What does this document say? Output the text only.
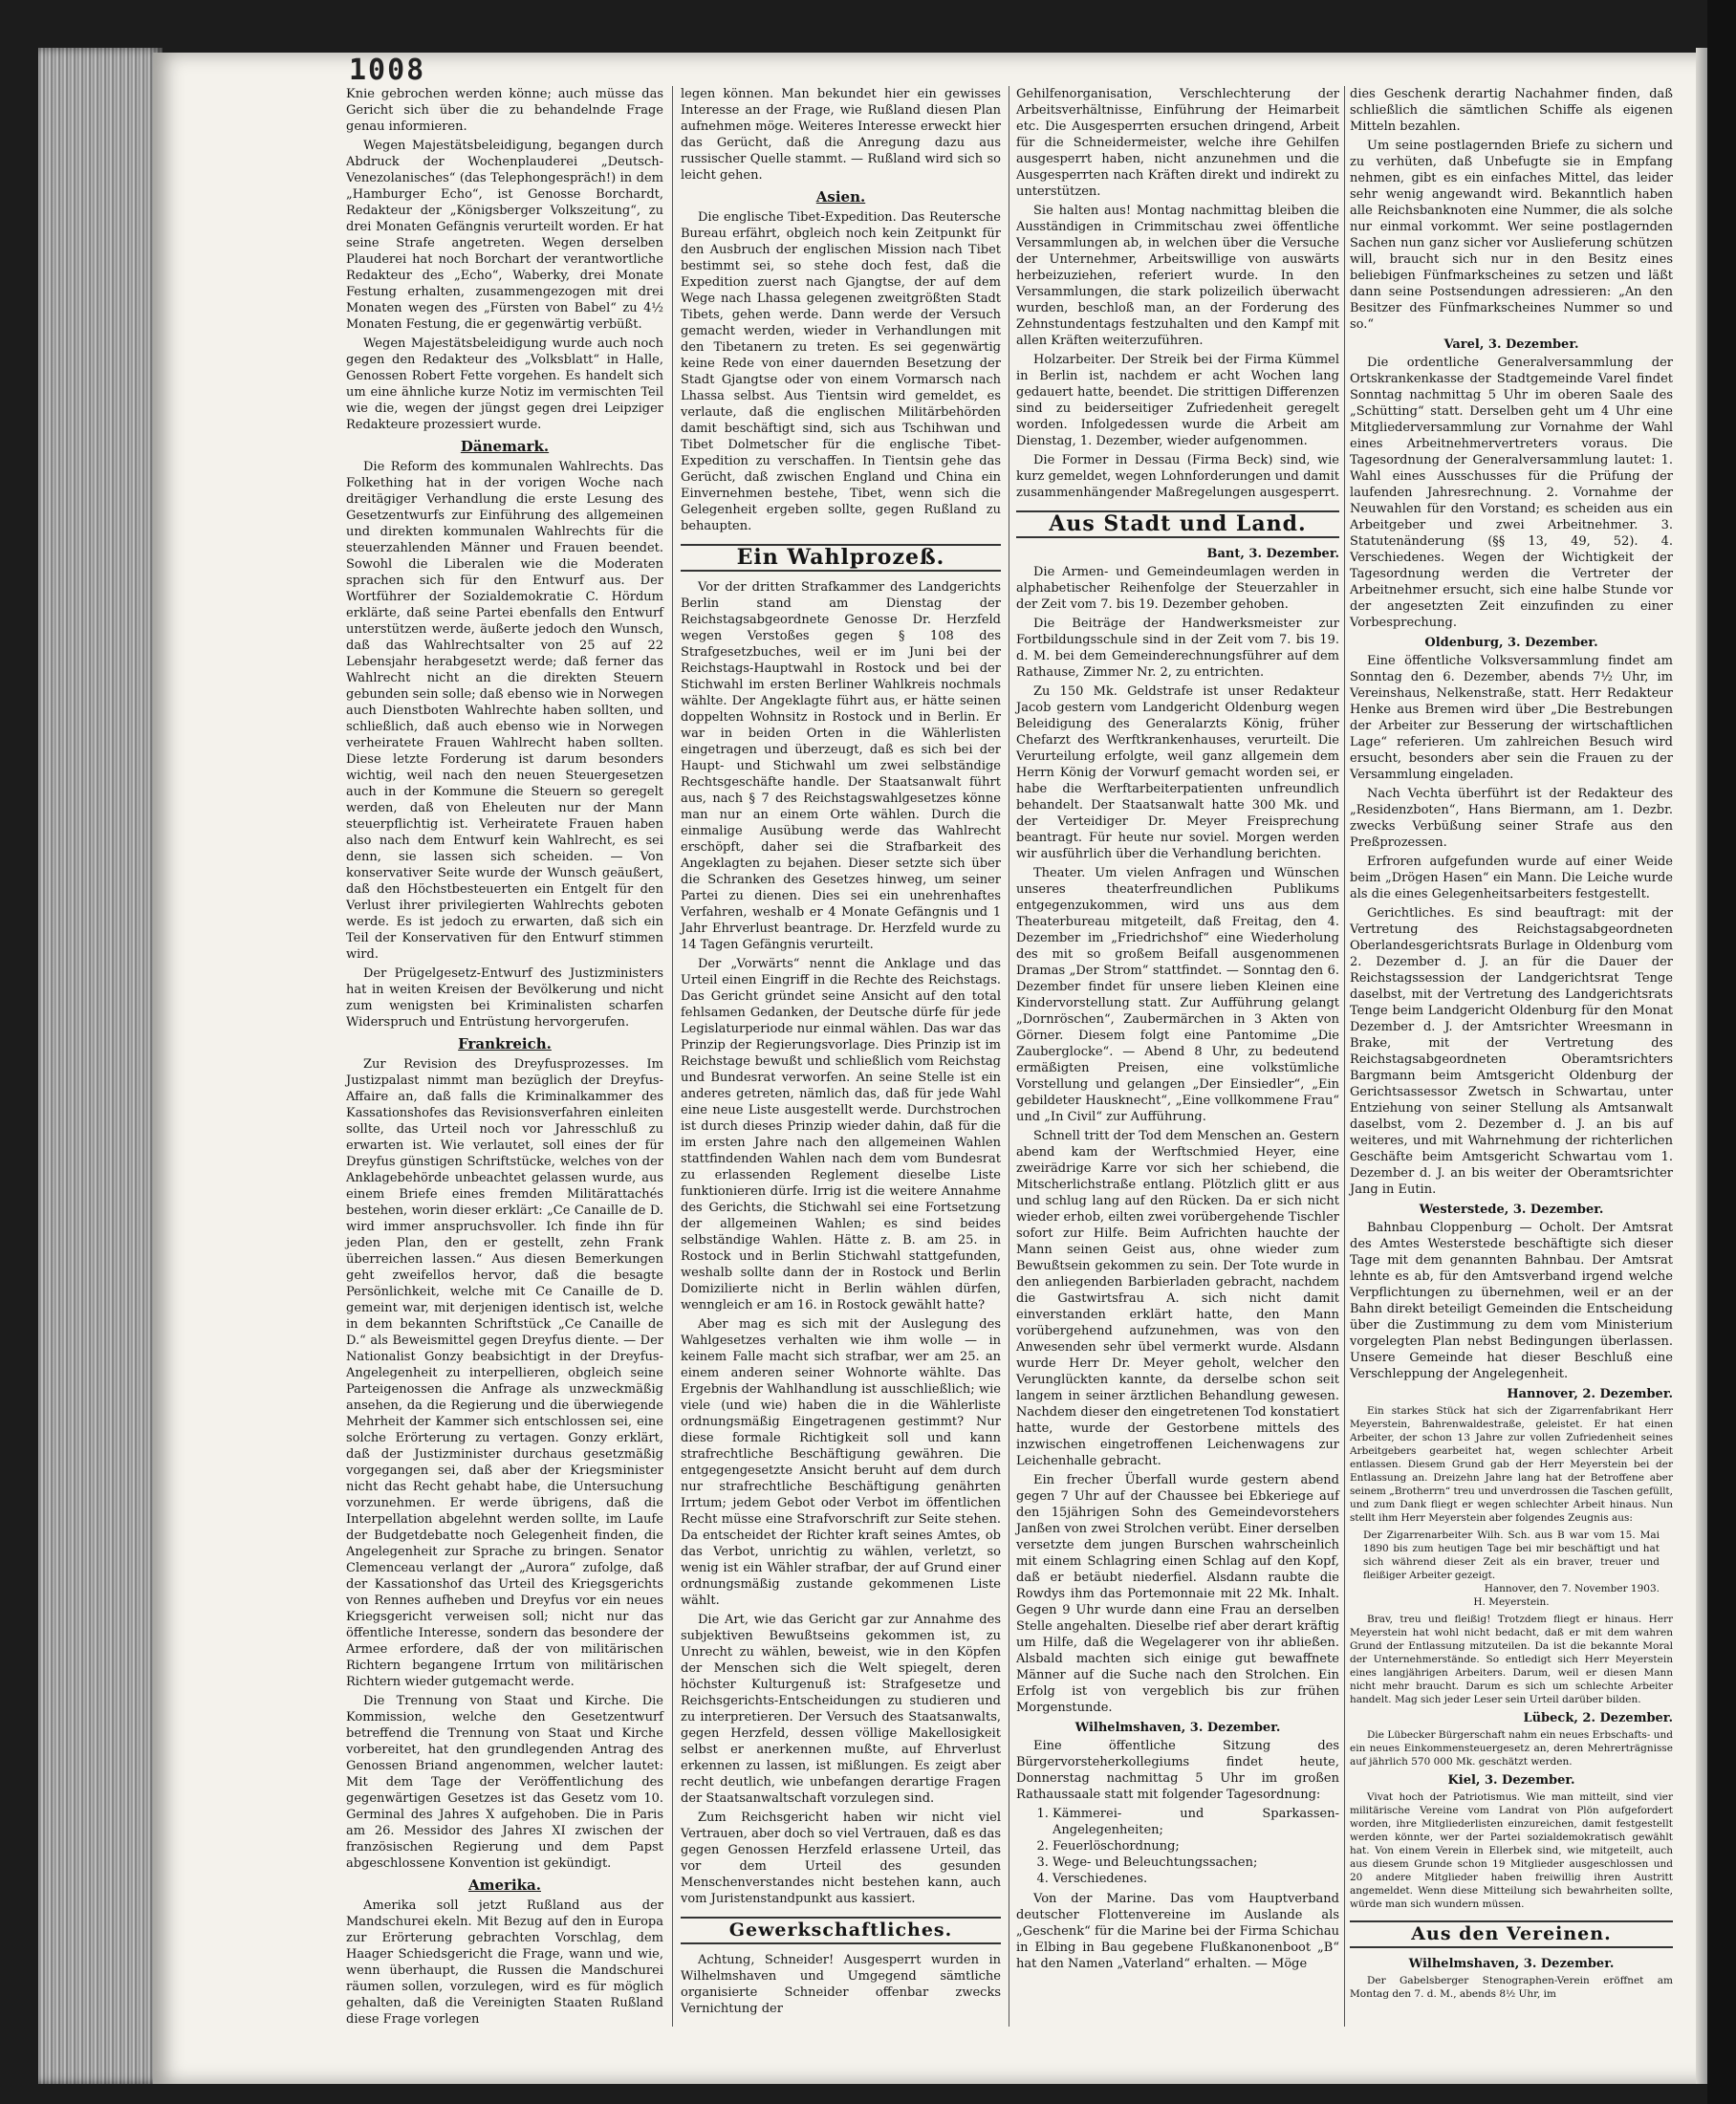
1008

Knie gebrochen werden könne; auch müsse das Gericht sich über die zu behandelnde Frage genau informieren.

Wegen Majestätsbeleidigung, begangen durch Abdruck der Wochenplauderei „Deutsch-Venezolanisches“ (das Telephongespräch!) in dem „Hamburger Echo“, ist Genosse Borchardt, Redakteur der „Königsberger Volkszeitung“, zu drei Monaten Gefängnis verurteilt worden. Er hat seine Strafe angetreten. Wegen derselben Plauderei hat noch Borchart der verantwortliche Redakteur des „Echo“, Waberky, drei Monate Festung erhalten, zusammengezogen mit drei Monaten wegen des „Fürsten von Babel“ zu 4½ Monaten Festung, die er gegenwärtig verbüßt.

Wegen Majestätsbeleidigung wurde auch noch gegen den Redakteur des „Volksblatt“ in Halle, Genossen Robert Fette vorgehen. Es handelt sich um eine ähnliche kurze Notiz im vermischten Teil wie die, wegen der jüngst gegen drei Leipziger Redakteure prozessiert wurde.

Dänemark.

Die Reform des kommunalen Wahlrechts. Das Folkething hat in der vorigen Woche nach dreitägiger Verhandlung die erste Lesung des Gesetzentwurfs zur Einführung des allgemeinen und direkten kommunalen Wahlrechts für die steuerzahlenden Männer und Frauen beendet. Sowohl die Liberalen wie die Moderaten sprachen sich für den Entwurf aus. Der Wortführer der Sozialdemokratie C. Hördum erklärte, daß seine Partei ebenfalls den Entwurf unterstützen werde, äußerte jedoch den Wunsch, daß das Wahlrechtsalter von 25 auf 22 Lebensjahr herabgesetzt werde; daß ferner das Wahlrecht nicht an die direkten Steuern gebunden sein solle; daß ebenso wie in Norwegen auch Dienstboten Wahlrechte haben sollten, und schließlich, daß auch ebenso wie in Norwegen verheiratete Frauen Wahlrecht haben sollten. Diese letzte Forderung ist darum besonders wichtig, weil nach den neuen Steuergesetzen auch in der Kommune die Steuern so geregelt werden, daß von Eheleuten nur der Mann steuerpflichtig ist. Verheiratete Frauen haben also nach dem Entwurf kein Wahlrecht, es sei denn, sie lassen sich scheiden. — Von konservativer Seite wurde der Wunsch geäußert, daß den Höchstbesteuerten ein Entgelt für den Verlust ihrer privilegierten Wahlrechts geboten werde. Es ist jedoch zu erwarten, daß sich ein Teil der Konservativen für den Entwurf stimmen wird.

Der Prügelgesetz-Entwurf des Justizministers hat in weiten Kreisen der Bevölkerung und nicht zum wenigsten bei Kriminalisten scharfen Widerspruch und Entrüstung hervorgerufen.

Frankreich.

Zur Revision des Dreyfusprozesses. Im Justizpalast nimmt man bezüglich der Dreyfus-Affaire an, daß falls die Kriminalkammer des Kassationshofes das Revisionsverfahren einleiten sollte, das Urteil noch vor Jahresschluß zu erwarten ist. Wie verlautet, soll eines der für Dreyfus günstigen Schriftstücke, welches von der Anklagebehörde unbeachtet gelassen wurde, aus einem Briefe eines fremden Militärattachés bestehen, worin dieser erklärt: „Ce Canaille de D. wird immer anspruchsvoller. Ich finde ihn für jeden Plan, den er gestellt, zehn Frank überreichen lassen.“ Aus diesen Bemerkungen geht zweifellos hervor, daß die besagte Persönlichkeit, welche mit Ce Canaille de D. gemeint war, mit derjenigen identisch ist, welche in dem bekannten Schriftstück „Ce Canaille de D.“ als Beweismittel gegen Dreyfus diente. — Der Nationalist Gonzy beabsichtigt in der Dreyfus-Angelegenheit zu interpellieren, obgleich seine Parteigenossen die Anfrage als unzweckmäßig ansehen, da die Regierung und die überwiegende Mehrheit der Kammer sich entschlossen sei, eine solche Erörterung zu vertagen. Gonzy erklärt, daß der Justizminister durchaus gesetzmäßig vorgegangen sei, daß aber der Kriegsminister nicht das Recht gehabt habe, die Untersuchung vorzunehmen. Er werde übrigens, daß die Interpellation abgelehnt werden sollte, im Laufe der Budgetdebatte noch Gelegenheit finden, die Angelegenheit zur Sprache zu bringen. Senator Clemenceau verlangt der „Aurora“ zufolge, daß der Kassationshof das Urteil des Kriegsgerichts von Rennes aufheben und Dreyfus vor ein neues Kriegsgericht verweisen soll; nicht nur das öffentliche Interesse, sondern das besondere der Armee erfordere, daß der von militärischen Richtern begangene Irrtum von militärischen Richtern wieder gutgemacht werde.

Die Trennung von Staat und Kirche. Die Kommission, welche den Gesetzentwurf betreffend die Trennung von Staat und Kirche vorbereitet, hat den grundlegenden Antrag des Genossen Briand angenommen, welcher lautet: Mit dem Tage der Veröffentlichung des gegenwärtigen Gesetzes ist das Gesetz vom 10. Germinal des Jahres X aufgehoben. Die in Paris am 26. Messidor des Jahres XI zwischen der französischen Regierung und dem Papst abgeschlossene Konvention ist gekündigt.

Amerika.

Amerika soll jetzt Rußland aus der Mandschurei ekeln. Mit Bezug auf den in Europa zur Erörterung gebrachten Vorschlag, dem Haager Schiedsgericht die Frage, wann und wie, wenn überhaupt, die Russen die Mandschurei räumen sollen, vorzulegen, wird es für möglich gehalten, daß die Vereinigten Staaten Rußland diese Frage vorlegen

legen können. Man bekundet hier ein gewisses Interesse an der Frage, wie Rußland diesen Plan aufnehmen möge. Weiteres Interesse erweckt hier das Gerücht, daß die Anregung dazu aus russischer Quelle stammt. — Rußland wird sich so leicht gehen.

Asien.

Die englische Tibet-Expedition. Das Reutersche Bureau erfährt, obgleich noch kein Zeitpunkt für den Ausbruch der englischen Mission nach Tibet bestimmt sei, so stehe doch fest, daß die Expedition zuerst nach Gjangtse, der auf dem Wege nach Lhassa gelegenen zweitgrößten Stadt Tibets, gehen werde. Dann werde der Versuch gemacht werden, wieder in Verhandlungen mit den Tibetanern zu treten. Es sei gegenwärtig keine Rede von einer dauernden Besetzung der Stadt Gjangtse oder von einem Vormarsch nach Lhassa selbst. Aus Tientsin wird gemeldet, es verlaute, daß die englischen Militärbehörden damit beschäftigt sind, sich aus Tschihwan und Tibet Dolmetscher für die englische Tibet-Expedition zu verschaffen. In Tientsin gehe das Gerücht, daß zwischen England und China ein Einvernehmen bestehe, Tibet, wenn sich die Gelegenheit ergeben sollte, gegen Rußland zu behaupten.

Ein Wahlprozeß.

Vor der dritten Strafkammer des Landgerichts Berlin stand am Dienstag der Reichstagsabgeordnete Genosse Dr. Herzfeld wegen Verstoßes gegen § 108 des Strafgesetzbuches, weil er im Juni bei der Reichstags-Hauptwahl in Rostock und bei der Stichwahl im ersten Berliner Wahlkreis nochmals wählte. Der Angeklagte führt aus, er hätte seinen doppelten Wohnsitz in Rostock und in Berlin. Er war in beiden Orten in die Wählerlisten eingetragen und überzeugt, daß es sich bei der Haupt- und Stichwahl um zwei selbständige Rechtsgeschäfte handle. Der Staatsanwalt führt aus, nach § 7 des Reichstagswahlgesetzes könne man nur an einem Orte wählen. Durch die einmalige Ausübung werde das Wahlrecht erschöpft, daher sei die Strafbarkeit des Angeklagten zu bejahen. Dieser setzte sich über die Schranken des Gesetzes hinweg, um seiner Partei zu dienen. Dies sei ein unehrenhaftes Verfahren, weshalb er 4 Monate Gefängnis und 1 Jahr Ehrverlust beantrage. Dr. Herzfeld wurde zu 14 Tagen Gefängnis verurteilt.

Der „Vorwärts“ nennt die Anklage und das Urteil einen Eingriff in die Rechte des Reichstags. Das Gericht gründet seine Ansicht auf den total fehlsamen Gedanken, der Deutsche dürfe für jede Legislaturperiode nur einmal wählen. Das war das Prinzip der Regierungsvorlage. Dies Prinzip ist im Reichstage bewußt und schließlich vom Reichstag und Bundesrat verworfen. An seine Stelle ist ein anderes getreten, nämlich das, daß für jede Wahl eine neue Liste ausgestellt werde. Durchstrochen ist durch dieses Prinzip wieder dahin, daß für die im ersten Jahre nach den allgemeinen Wahlen stattfindenden Wahlen nach dem vom Bundesrat zu erlassenden Reglement dieselbe Liste funktionieren dürfe. Irrig ist die weitere Annahme des Gerichts, die Stichwahl sei eine Fortsetzung der allgemeinen Wahlen; es sind beides selbständige Wahlen. Hätte z. B. am 25. in Rostock und in Berlin Stichwahl stattgefunden, weshalb sollte dann der in Rostock und Berlin Domizilierte nicht in Berlin wählen dürfen, wenngleich er am 16. in Rostock gewählt hatte?

Aber mag es sich mit der Auslegung des Wahlgesetzes verhalten wie ihm wolle — in keinem Falle macht sich strafbar, wer am 25. an einem anderen seiner Wohnorte wählte. Das Ergebnis der Wahlhandlung ist ausschließlich; wie viele (und wie) haben die in die Wählerliste ordnungsmäßig Eingetragenen gestimmt? Nur diese formale Richtigkeit soll und kann strafrechtliche Beschäftigung gewähren. Die entgegengesetzte Ansicht beruht auf dem durch nur strafrechtliche Beschäftigung genährten Irrtum; jedem Gebot oder Verbot im öffentlichen Recht müsse eine Strafvorschrift zur Seite stehen. Da entscheidet der Richter kraft seines Amtes, ob das Verbot, unrichtig zu wählen, verletzt, so wenig ist ein Wähler strafbar, der auf Grund einer ordnungsmäßig zustande gekommenen Liste wählt.

Die Art, wie das Gericht gar zur Annahme des subjektiven Bewußtseins gekommen ist, zu Unrecht zu wählen, beweist, wie in den Köpfen der Menschen sich die Welt spiegelt, deren höchster Kulturgenuß ist: Strafgesetze und Reichsgerichts-Entscheidungen zu studieren und zu interpretieren. Der Versuch des Staatsanwalts, gegen Herzfeld, dessen völlige Makellosigkeit selbst er anerkennen mußte, auf Ehrverlust erkennen zu lassen, ist mißlungen. Es zeigt aber recht deutlich, wie unbefangen derartige Fragen der Staatsanwaltschaft vorzulegen sind.

Zum Reichsgericht haben wir nicht viel Vertrauen, aber doch so viel Vertrauen, daß es das gegen Genossen Herzfeld erlassene Urteil, das vor dem Urteil des gesunden Menschenverstandes nicht bestehen kann, auch vom Juristenstandpunkt aus kassiert.

Gewerkschaftliches.

Achtung, Schneider! Ausgesperrt wurden in Wilhelmshaven und Umgegend sämtliche organisierte Schneider offenbar zwecks Vernichtung der

Gehilfenorganisation, Verschlechterung der Arbeitsverhältnisse, Einführung der Heimarbeit etc. Die Ausgesperrten ersuchen dringend, Arbeit für die Schneidermeister, welche ihre Gehilfen ausgesperrt haben, nicht anzunehmen und die Ausgesperrten nach Kräften direkt und indirekt zu unterstützen.

Sie halten aus! Montag nachmittag bleiben die Ausständigen in Crimmitschau zwei öffentliche Versammlungen ab, in welchen über die Versuche der Unternehmer, Arbeitswillige von auswärts herbeizuziehen, referiert wurde. In den Versammlungen, die stark polizeilich überwacht wurden, beschloß man, an der Forderung des Zehnstundentags festzuhalten und den Kampf mit allen Kräften weiterzuführen.

Holzarbeiter. Der Streik bei der Firma Kümmel in Berlin ist, nachdem er acht Wochen lang gedauert hatte, beendet. Die strittigen Differenzen sind zu beiderseitiger Zufriedenheit geregelt worden. Infolgedessen wurde die Arbeit am Dienstag, 1. Dezember, wieder aufgenommen.

Die Former in Dessau (Firma Beck) sind, wie kurz gemeldet, wegen Lohnforderungen und damit zusammenhängender Maßregelungen ausgesperrt.

Aus Stadt und Land.
Bant, 3. Dezember.

Die Armen- und Gemeindeumlagen werden in alphabetischer Reihenfolge der Steuerzahler in der Zeit vom 7. bis 19. Dezember gehoben.

Die Beiträge der Handwerksmeister zur Fortbildungsschule sind in der Zeit vom 7. bis 19. d. M. bei dem Gemeinderechnungsführer auf dem Rathause, Zimmer Nr. 2, zu entrichten.

Zu 150 Mk. Geldstrafe ist unser Redakteur Jacob gestern vom Landgericht Oldenburg wegen Beleidigung des Generalarzts König, früher Chefarzt des Werftkrankenhauses, verurteilt. Die Verurteilung erfolgte, weil ganz allgemein dem Herrn König der Vorwurf gemacht worden sei, er habe die Werftarbeiterpatienten unfreundlich behandelt. Der Staatsanwalt hatte 300 Mk. und der Verteidiger Dr. Meyer Freisprechung beantragt. Für heute nur soviel. Morgen werden wir ausführlich über die Verhandlung berichten.

Theater. Um vielen Anfragen und Wünschen unseres theaterfreundlichen Publikums entgegenzukommen, wird uns aus dem Theaterbureau mitgeteilt, daß Freitag, den 4. Dezember im „Friedrichshof“ eine Wiederholung des mit so großem Beifall ausgenommenen Dramas „Der Strom“ stattfindet. — Sonntag den 6. Dezember findet für unsere lieben Kleinen eine Kindervorstellung statt. Zur Aufführung gelangt „Dornröschen“, Zaubermärchen in 3 Akten von Görner. Diesem folgt eine Pantomime „Die Zauberglocke“. — Abend 8 Uhr, zu bedeutend ermäßigten Preisen, eine volkstümliche Vorstellung und gelangen „Der Einsiedler“, „Ein gebildeter Hausknecht“, „Eine vollkommene Frau“ und „In Civil“ zur Aufführung.

Schnell tritt der Tod dem Menschen an. Gestern abend kam der Werftschmied Heyer, eine zweirädrige Karre vor sich her schiebend, die Mitscherlichstraße entlang. Plötzlich glitt er aus und schlug lang auf den Rücken. Da er sich nicht wieder erhob, eilten zwei vorübergehende Tischler sofort zur Hilfe. Beim Aufrichten hauchte der Mann seinen Geist aus, ohne wieder zum Bewußtsein gekommen zu sein. Der Tote wurde in den anliegenden Barbierladen gebracht, nachdem die Gastwirtsfrau A. sich nicht damit einverstanden erklärt hatte, den Mann vorübergehend aufzunehmen, was von den Anwesenden sehr übel vermerkt wurde. Alsdann wurde Herr Dr. Meyer geholt, welcher den Verunglückten kannte, da derselbe schon seit langem in seiner ärztlichen Behandlung gewesen. Nachdem dieser den eingetretenen Tod konstatiert hatte, wurde der Gestorbene mittels des inzwischen eingetroffenen Leichenwagens zur Leichenhalle gebracht.

Ein frecher Überfall wurde gestern abend gegen 7 Uhr auf der Chaussee bei Ebkeriege auf den 15jährigen Sohn des Gemeindevorstehers Janßen von zwei Strolchen verübt. Einer derselben versetzte dem jungen Burschen wahrscheinlich mit einem Schlagring einen Schlag auf den Kopf, daß er betäubt niederfiel. Alsdann raubte die Rowdys ihm das Portemonnaie mit 22 Mk. Inhalt. Gegen 9 Uhr wurde dann eine Frau an derselben Stelle angehalten. Dieselbe rief aber derart kräftig um Hilfe, daß die Wegelagerer von ihr abließen. Alsbald machten sich einige gut bewaffnete Männer auf die Suche nach den Strolchen. Ein Erfolg ist von vergeblich bis zur frühen Morgenstunde.

Wilhelmshaven, 3. Dezember.

Eine öffentliche Sitzung des Bürgervorsteherkollegiums findet heute, Donnerstag nachmittag 5 Uhr im großen Rathaussaale statt mit folgender Tagesordnung:

1. Kämmerei- und Sparkassen-Angelegenheiten;
2. Feuerlöschordnung;
3. Wege- und Beleuchtungssachen;
4. Verschiedenes.

Von der Marine. Das vom Hauptverband deutscher Flottenvereine im Auslande als „Geschenk“ für die Marine bei der Firma Schichau in Elbing in Bau gegebene Flußkanonenboot „B“ hat den Namen „Vaterland“ erhalten. — Möge

dies Geschenk derartig Nachahmer finden, daß schließlich die sämtlichen Schiffe als eigenen Mitteln bezahlen.

Um seine postlagernden Briefe zu sichern und zu verhüten, daß Unbefugte sie in Empfang nehmen, gibt es ein einfaches Mittel, das leider sehr wenig angewandt wird. Bekanntlich haben alle Reichsbanknoten eine Nummer, die als solche nur einmal vorkommt. Wer seine postlagernden Sachen nun ganz sicher vor Auslieferung schützen will, braucht sich nur in den Besitz eines beliebigen Fünfmarkscheines zu setzen und läßt dann seine Postsendungen adressieren: „An den Besitzer des Fünfmarkscheines Nummer so und so.“

Varel, 3. Dezember.

Die ordentliche Generalversammlung der Ortskrankenkasse der Stadtgemeinde Varel findet Sonntag nachmittag 5 Uhr im oberen Saale des „Schütting“ statt. Derselben geht um 4 Uhr eine Mitgliederversammlung zur Vornahme der Wahl eines Arbeitnehmervertreters voraus. Die Tagesordnung der Generalversammlung lautet: 1. Wahl eines Ausschusses für die Prüfung der laufenden Jahresrechnung. 2. Vornahme der Neuwahlen für den Vorstand; es scheiden aus ein Arbeitgeber und zwei Arbeitnehmer. 3. Statutenänderung (§§ 13, 49, 52). 4. Verschiedenes. Wegen der Wichtigkeit der Tagesordnung werden die Vertreter der Arbeitnehmer ersucht, sich eine halbe Stunde vor der angesetzten Zeit einzufinden zu einer Vorbesprechung.

Oldenburg, 3. Dezember.

Eine öffentliche Volksversammlung findet am Sonntag den 6. Dezember, abends 7½ Uhr, im Vereinshaus, Nelkenstraße, statt. Herr Redakteur Henke aus Bremen wird über „Die Bestrebungen der Arbeiter zur Besserung der wirtschaftlichen Lage“ referieren. Um zahlreichen Besuch wird ersucht, besonders aber sein die Frauen zu der Versammlung eingeladen.

Nach Vechta überführt ist der Redakteur des „Residenzboten“, Hans Biermann, am 1. Dezbr. zwecks Verbüßung seiner Strafe aus den Preßprozessen.

Erfroren aufgefunden wurde auf einer Weide beim „Drögen Hasen“ ein Mann. Die Leiche wurde als die eines Gelegenheitsarbeiters festgestellt.

Gerichtliches. Es sind beauftragt: mit der Vertretung des Reichstagsabgeordneten Oberlandesgerichtsrats Burlage in Oldenburg vom 2. Dezember d. J. an für die Dauer der Reichstagssession der Landgerichtsrat Tenge daselbst, mit der Vertretung des Landgerichtsrats Tenge beim Landgericht Oldenburg für den Monat Dezember d. J. der Amtsrichter Wreesmann in Brake, mit der Vertretung des Reichstagsabgeordneten Oberamtsrichters Bargmann beim Amtsgericht Oldenburg der Gerichtsassessor Zwetsch in Schwartau, unter Entziehung von seiner Stellung als Amtsanwalt daselbst, vom 2. Dezember d. J. an bis auf weiteres, und mit Wahrnehmung der richterlichen Geschäfte beim Amtsgericht Schwartau vom 1. Dezember d. J. an bis weiter der Oberamtsrichter Jang in Eutin.

Westerstede, 3. Dezember.

Bahnbau Cloppenburg — Ocholt. Der Amtsrat des Amtes Westerstede beschäftigte sich dieser Tage mit dem genannten Bahnbau. Der Amtsrat lehnte es ab, für den Amtsverband irgend welche Verpflichtungen zu übernehmen, weil er an der Bahn direkt beteiligt Gemeinden die Entscheidung über die Zustimmung zu dem vom Ministerium vorgelegten Plan nebst Bedingungen überlassen. Unsere Gemeinde hat dieser Beschluß eine Verschleppung der Angelegenheit.

Hannover, 2. Dezember.

Ein starkes Stück hat sich der Zigarrenfabrikant Herr Meyerstein, Bahrenwaldestraße, geleistet. Er hat einen Arbeiter, der schon 13 Jahre zur vollen Zufriedenheit seines Arbeitgebers gearbeitet hat, wegen schlechter Arbeit entlassen. Diesem Grund gab der Herr Meyerstein bei der Entlassung an. Dreizehn Jahre lang hat der Betroffene aber seinem „Brotherrn“ treu und unverdrossen die Taschen gefüllt, und zum Dank fliegt er wegen schlechter Arbeit hinaus. Nun stellt ihm Herr Meyerstein aber folgendes Zeugnis aus:

Der Zigarrenarbeiter Wilh. Sch. aus B war vom 15. Mai 1890 bis zum heutigen Tage bei mir beschäftigt und hat sich während dieser Zeit als ein braver, treuer und fleißiger Arbeiter gezeigt.
Hannover, den 7. November 1903.
H. Meyerstein.

Brav, treu und fleißig! Trotzdem fliegt er hinaus. Herr Meyerstein hat wohl nicht bedacht, daß er mit dem wahren Grund der Entlassung mitzuteilen. Da ist die bekannte Moral der Unternehmerstände. So entledigt sich Herr Meyerstein eines langjährigen Arbeiters. Darum, weil er diesen Mann nicht mehr braucht. Darum es sich um schlechte Arbeiter handelt. Mag sich jeder Leser sein Urteil darüber bilden.

Lübeck, 2. Dezember.

Die Lübecker Bürgerschaft nahm ein neues Erbschafts- und ein neues Einkommensteuergesetz an, deren Mehrerträgnisse auf jährlich 570 000 Mk. geschätzt werden.

Kiel, 3. Dezember.

Vivat hoch der Patriotismus. Wie man mitteilt, sind vier militärische Vereine vom Landrat von Plön aufgefordert worden, ihre Mitgliederlisten einzureichen, damit festgestellt werden könnte, wer der Partei sozialdemokratisch gewählt hat. Von einem Verein in Ellerbek sind, wie mitgeteilt, auch aus diesem Grunde schon 19 Mitglieder ausgeschlossen und 20 andere Mitglieder haben freiwillig ihren Austritt angemeldet. Wenn diese Mitteilung sich bewahrheiten sollte, würde man sich wundern müssen.

Aus den Vereinen.
Wilhelmshaven, 3. Dezember.

Der Gabelsberger Stenographen-Verein eröffnet am Montag den 7. d. M., abends 8½ Uhr, im
